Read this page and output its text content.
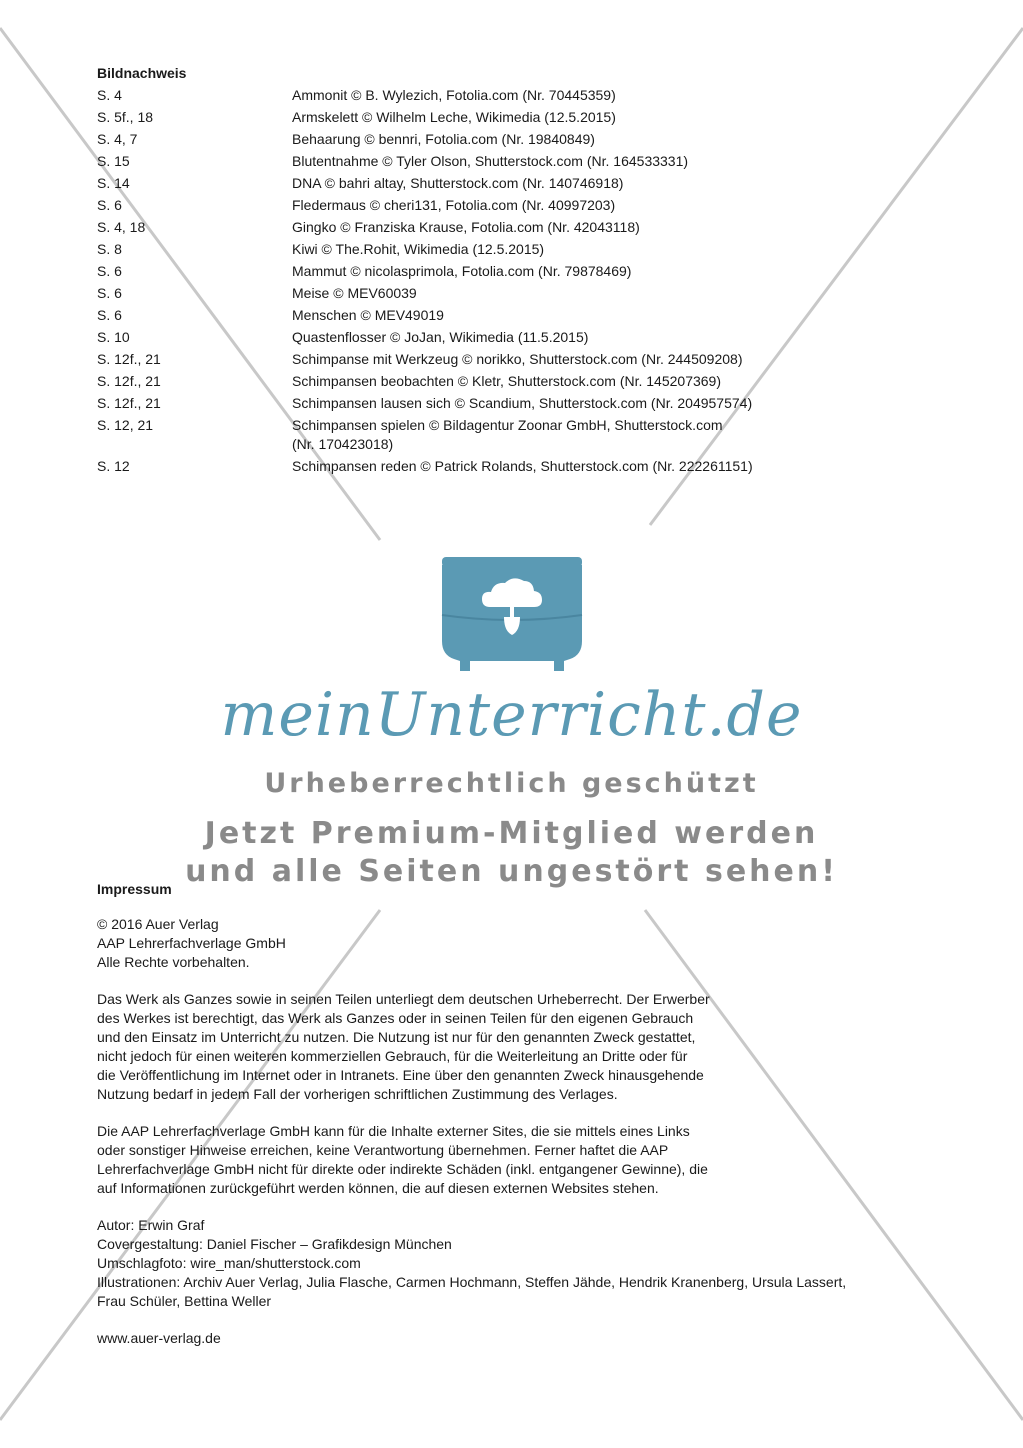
Bildnachweis
S. 4	Ammonit © B. Wylezich, Fotolia.com (Nr. 70445359)
S. 5f., 18	Armskelett © Wilhelm Leche, Wikimedia (12.5.2015)
S. 4, 7	Behaarung © bennri, Fotolia.com (Nr. 19840849)
S. 15	Blutentnahme © Tyler Olson, Shutterstock.com (Nr. 164533331)
S. 14	DNA © bahri altay, Shutterstock.com (Nr. 140746918)
S. 6	Fledermaus © cheri131, Fotolia.com (Nr. 40997203)
S. 4, 18	Gingko © Franziska Krause, Fotolia.com (Nr. 42043118)
S. 8	Kiwi © The.Rohit, Wikimedia (12.5.2015)
S. 6	Mammut © nicolasprimola, Fotolia.com (Nr. 79878469)
S. 6	Meise © MEV60039
S. 6	Menschen © MEV49019
S. 10	Quastenflosser © JoJan, Wikimedia (11.5.2015)
S. 12f., 21	Schimpanse mit Werkzeug © norikko, Shutterstock.com (Nr. 244509208)
S. 12f., 21	Schimpansen beobachten © Kletr, Shutterstock.com (Nr. 145207369)
S. 12f., 21	Schimpansen lausen sich © Scandium, Shutterstock.com (Nr. 204957574)
S. 12, 21	Schimpansen spielen © Bildagentur Zoonar GmbH, Shutterstock.com
(Nr. 170423018)
S. 12	Schimpansen reden © Patrick Rolands, Shutterstock.com (Nr. 222261151)
meinUnterricht.de
Urheberrechtlich geschützt
Jetzt Premium-Mitglied werden
und alle Seiten ungestört sehen!
Impressum

© 2016 Auer Verlag
AAP Lehrerfachverlage GmbH
Alle Rechte vorbehalten.

Das Werk als Ganzes sowie in seinen Teilen unterliegt dem deutschen Urheberrecht. Der Erwerber
des Werkes ist berechtigt, das Werk als Ganzes oder in seinen Teilen für den eigenen Gebrauch
und den Einsatz im Unterricht zu nutzen. Die Nutzung ist nur für den genannten Zweck gestattet,
nicht jedoch für einen weiteren kommerziellen Gebrauch, für die Weiterleitung an Dritte oder für
die Veröffentlichung im Internet oder in Intranets. Eine über den genannten Zweck hinausgehende
Nutzung bedarf in jedem Fall der vorherigen schriftlichen Zustimmung des Verlages.

Die AAP Lehrerfachverlage GmbH kann für die Inhalte externer Sites, die sie mittels eines Links
oder sonstiger Hinweise erreichen, keine Verantwortung übernehmen. Ferner haftet die AAP
Lehrerfachverlage GmbH nicht für direkte oder indirekte Schäden (inkl. entgangener Gewinne), die
auf Informationen zurückgeführt werden können, die auf diesen externen Websites stehen.

Autor: Erwin Graf
Covergestaltung: Daniel Fischer – Grafikdesign München
Umschlagfoto: wire_man/shutterstock.com
Illustrationen: Archiv Auer Verlag, Julia Flasche, Carmen Hochmann, Steffen Jähde, Hendrik Kranenberg, Ursula Lassert,
Frau Schüler, Bettina Weller

www.auer-verlag.de
